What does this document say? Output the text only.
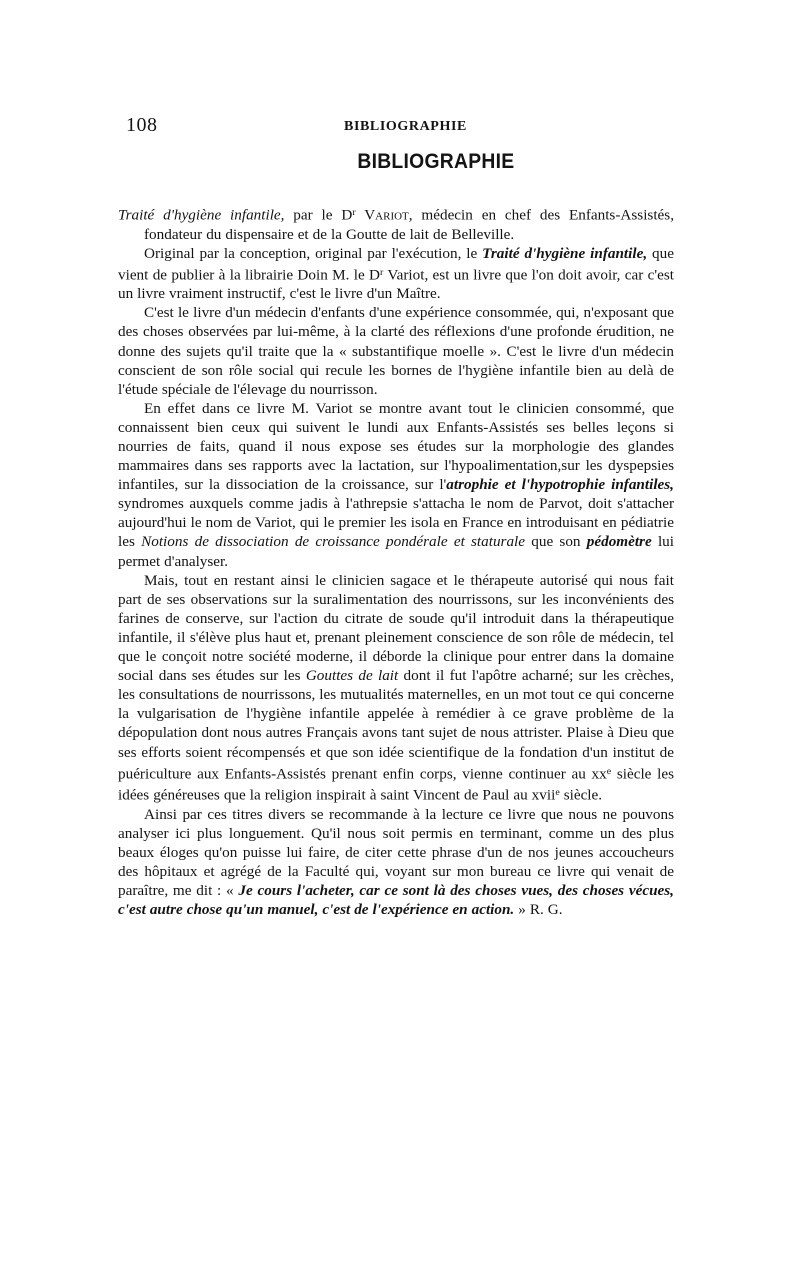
108	BIBLIOGRAPHIE
BIBLIOGRAPHIE

Traité d'hygiène infantile, par le $D^r$ Variot, médecin en chef des Enfants-Assistés, fondateur du dispensaire et de la Goutte de lait de Belleville.

Original par la conception, original par l'exécution, le Traité d'hygiène infantile, que vient de publier à la librairie Doin M. le $D^r$ Variot, est un livre que l'on doit avoir, car c'est un livre vraiment instructif, c'est le livre d'un Maître.

C'est le livre d'un médecin d'enfants d'une expérience consommée, qui, n'exposant que des choses observées par lui-même, à la clarté des réflexions d'une profonde érudition, ne donne des sujets qu'il traite que la « substantifique moelle ». C'est le livre d'un médecin conscient de son rôle social qui recule les bornes de l'hygiène infantile bien au delà de l'étude spéciale de l'élevage du nourrisson.

En effet dans ce livre M. Variot se montre avant tout le clinicien consommé, que connaissent bien ceux qui suivent le lundi aux Enfants-Assistés ses belles leçons si nourries de faits, quand il nous expose ses études sur la morphologie des glandes mammaires dans ses rapports avec la lactation, sur l'hypoalimentation,sur les dyspepsies infantiles, sur la dissociation de la croissance, sur l'atrophie et l'hypotrophie infantiles, syndromes auxquels comme jadis à l'athrepsie s'attacha le nom de Parvot, doit s'attacher aujourd'hui le nom de Variot, qui le premier les isola en France en introduisant en pédiatrie les Notions de dissociation de croissance pondérale et staturale que son pédomètre lui permet d'analyser.

Mais, tout en restant ainsi le clinicien sagace et le thérapeute autorisé qui nous fait part de ses observations sur la suralimentation des nourrissons, sur les inconvénients des farines de conserve, sur l'action du citrate de soude qu'il introduit dans la thérapeutique infantile, il s'élève plus haut et, prenant pleinement conscience de son rôle de médecin, tel que le conçoit notre société moderne, il déborde la clinique pour entrer dans la domaine social dans ses études sur les Gouttes de lait dont il fut l'apôtre acharné; sur les crèches, les consultations de nourrissons, les mutualités maternelles, en un mot tout ce qui concerne la vulgarisation de l'hygiène infantile appelée à remédier à ce grave problème de la dépopulation dont nous autres Français avons tant sujet de nous attrister. Plaise à Dieu que ses efforts soient récompensés et que son idée scientifique de la fondation d'un institut de puériculture aux Enfants-Assistés prenant enfin corps, vienne continuer au $xx^e$ siècle les idées généreuses que la religion inspirait à saint Vincent de Paul au xvii$^e$ siècle.

Ainsi par ces titres divers se recommande à la lecture ce livre que nous ne pouvons analyser ici plus longuement. Qu'il nous soit permis en terminant, comme un des plus beaux éloges qu'on puisse lui faire, de citer cette phrase d'un de nos jeunes accoucheurs des hôpitaux et agrégé de la Faculté qui, voyant sur mon bureau ce livre qui venait de paraître, me dit : « Je cours l'acheter, car ce sont là des choses vues, des choses vécues, c'est autre chose qu'un manuel, c'est de l'expérience en action. » R. G.
